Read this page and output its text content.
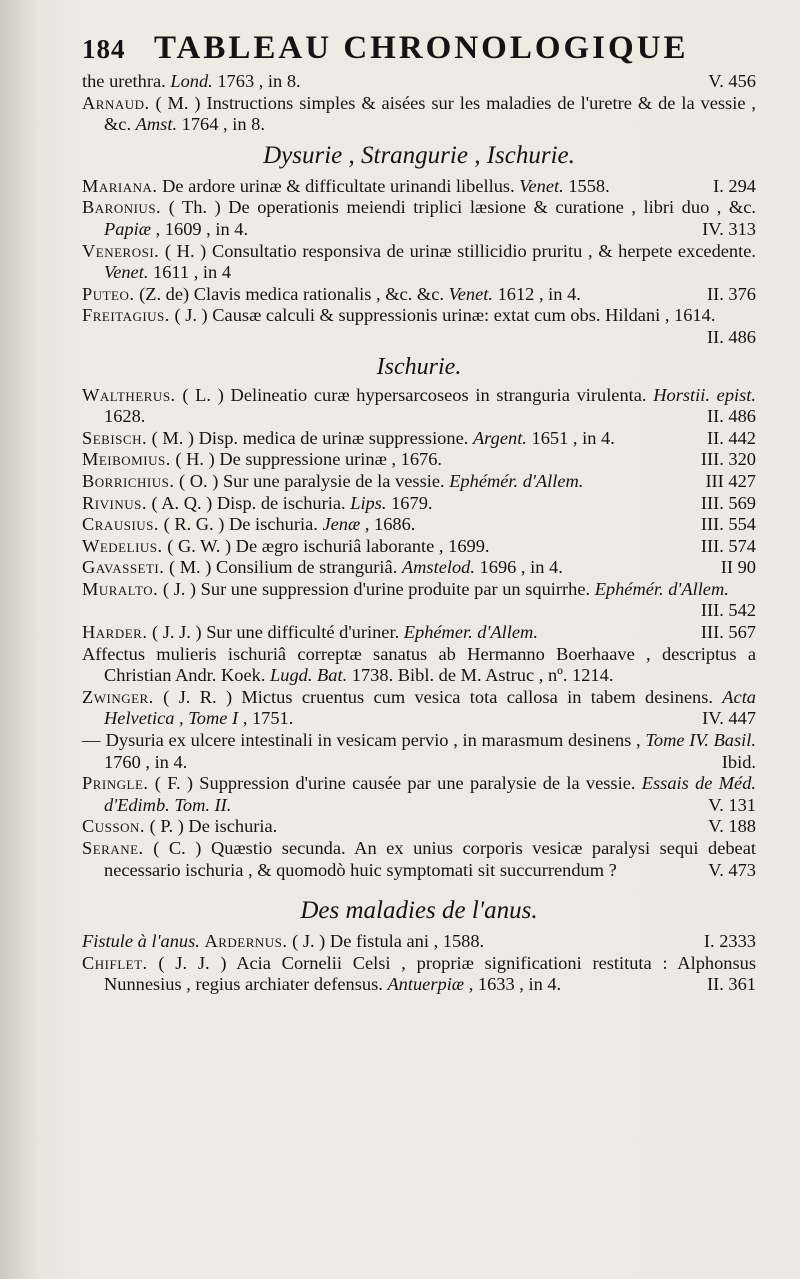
184 TABLEAU CHRONOLOGIQUE

the urethra. Lond. 1763 , in 8.	V. 456

Arnaud. ( M. ) Instructions simples & aisées sur les maladies de l'uretre & de la vessie , &c. Amst. 1764 , in 8.

Dysurie , Strangurie , Ischurie.

Mariana. De ardore urinæ & difficultate urinandi libellus. Venet. 1558.	I. 294

Baronius. ( Th. ) De operationis meiendi triplici læsione & curatione , libri duo , &c. Papiæ , 1609 , in 4.	IV. 313

Venerosi. ( H. ) Consultatio responsiva de urinæ stillicidio pruritu , & herpete excedente. Venet. 1611 , in 4

Puteo. (Z. de) Clavis medica rationalis , &c. &c. Venet. 1612 , in 4.	II. 376

Freitagius. ( J. ) Causæ calculi & suppressionis urinæ: extat cum obs. Hildani , 1614.
II. 486

Ischurie.

Waltherus. ( L. ) Delineatio curæ hypersarcoseos in stranguria virulenta. Horstii. epist. 1628.	II. 486

Sebisch. ( M. ) Disp. medica de urinæ suppressione. Argent. 1651 , in 4.	II. 442

Meibomius. ( H. ) De suppressione urinæ , 1676.	III. 320

Borrichius. ( O. ) Sur une paralysie de la vessie. Ephémér. d'Allem.	III 427

Rivinus. ( A. Q. ) Disp. de ischuria. Lips. 1679.	III. 569

Crausius. ( R. G. ) De ischuria. Jenæ , 1686.	III. 554

Wedelius. ( G. W. ) De ægro ischuriâ laborante , 1699.	III. 574

Gavasseti. ( M. ) Consilium de stranguriâ. Amstelod. 1696 , in 4.	II 90

Muralto. ( J. ) Sur une suppression d'urine produite par un squirrhe. Ephémér. d'Allem.
III. 542

Harder. ( J. J. ) Sur une difficulté d'uriner. Ephémer. d'Allem.	III. 567

Affectus mulieris ischuriâ correptæ sanatus ab Hermanno Boerhaave , descriptus a Christian Andr. Koek. Lugd. Bat. 1738. Bibl. de M. Astruc , nº. 1214.

Zwinger. ( J. R. ) Mictus cruentus cum vesica tota callosa in tabem desinens. Acta Helvetica , Tome I , 1751.	IV. 447

— Dysuria ex ulcere intestinali in vesicam pervio , in marasmum desinens , Tome IV. Basil. 1760 , in 4.	Ibid.

Pringle. ( F. ) Suppression d'urine causée par une paralysie de la vessie. Essais de Méd. d'Edimb. Tom. II.	V. 131

Cusson. ( P. ) De ischuria.	V. 188

Serane. ( C. ) Quæstio secunda. An ex unius corporis vesicæ paralysi sequi debeat necessario ischuria , & quomodò huic symptomati sit succurrendum ?	V. 473

Des maladies de l'anus.

Fistule à l'anus. Ardernus. ( J. ) De fistula ani , 1588.	I. 2333

Chiflet. ( J. J. ) Acia Cornelii Celsi , propriæ significationi restituta : Alphonsus Nunnesius , regius archiater defensus. Antuerpiæ , 1633 , in 4.	II. 361
